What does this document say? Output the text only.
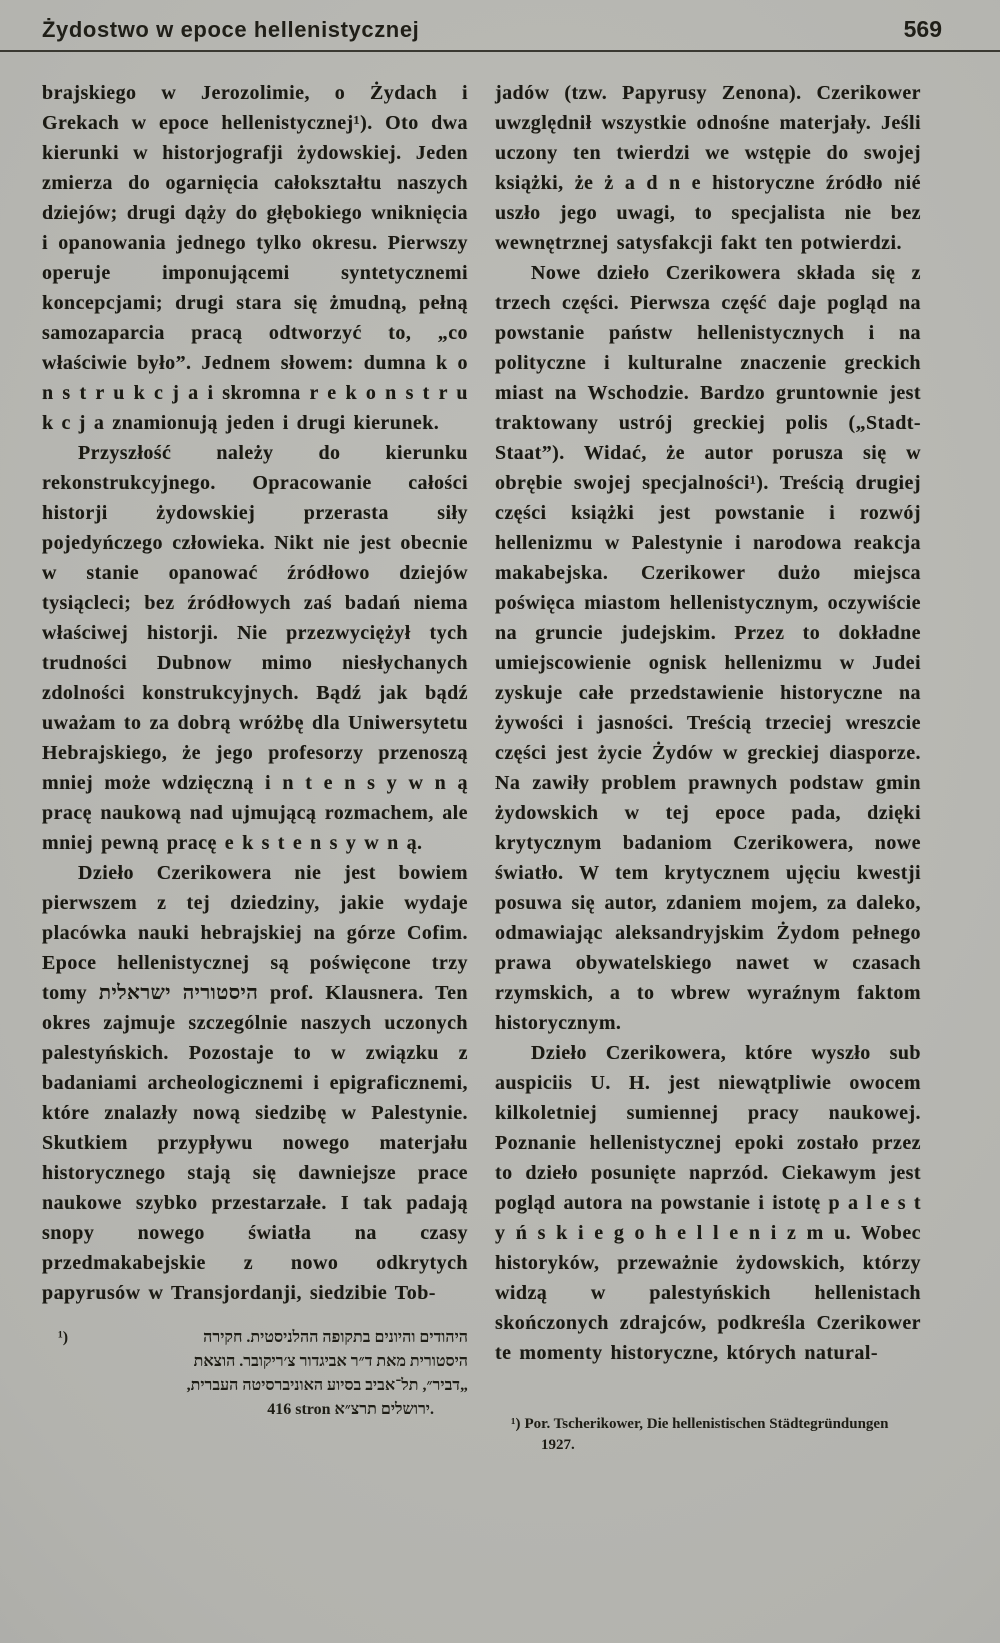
Żydostwo w epoce hellenistycznej	569

brajskiego w Jerozolimie, o Żydach i Grekach w epoce hellenistycznej¹). Oto dwa kierunki w historjografji żydowskiej. Jeden zmierza do ogarnięcia całokształtu naszych dziejów; drugi dąży do głębokiego wniknięcia i opanowania jednego tylko okresu. Pierwszy operuje imponującemi syntetycznemi koncepcjami; drugi stara się żmudną, pełną samozaparcia pracą odtworzyć to, „co właściwie było”. Jednem słowem: dumna k o n s t r u k c j a i skromna r e k o n s t r u k c j a znamionują jeden i drugi kierunek.

Przyszłość należy do kierunku rekonstrukcyjnego. Opracowanie całości historji żydowskiej przerasta siły pojedyńczego człowieka. Nikt nie jest obecnie w stanie opanować źródłowo dziejów tysiącleci; bez źródłowych zaś badań niema właściwej historji. Nie przezwyciężył tych trudności Dubnow mimo niesłychanych zdolności konstrukcyjnych. Bądź jak bądź uważam to za dobrą wróżbę dla Uniwersytetu Hebrajskiego, że jego profesorzy przenoszą mniej może wdzięczną i n t e n s y w n ą pracę naukową nad ujmującą rozmachem, ale mniej pewną pracę e k s t e n s y w n ą.

Dzieło Czerikowera nie jest bowiem pierwszem z tej dziedziny, jakie wydaje placówka nauki hebrajskiej na górze Cofim. Epoce hellenistycznej są poświęcone trzy tomy היסטוריה ישראלית prof. Klausnera. Ten okres zajmuje szczególnie naszych uczonych palestyńskich. Pozostaje to w związku z badaniami archeologicznemi i epigraficznemi, które znalazły nową siedzibę w Palestynie. Skutkiem przypływu nowego materjału historycznego stają się dawniejsze prace naukowe szybko przestarzałe. I tak padają snopy nowego światła na czasy przedmakabejskie z nowo odkrytych papyrusów w Transjordanji, siedzibie Tob-

¹)	היהודים והיונים בתקופה ההלניסטית. חקירה
היסטורית מאת ד״ר אביגדור צ׳ריקובר. הוצאת
„דביר״, תל־אביב בסיוע האוניברסיטה העברית,
416 stron ירושלים תרצ״א.

jadów (tzw. Papyrusy Zenona). Czerikower uwzględnił wszystkie odnośne materjały. Jeśli uczony ten twierdzi we wstępie do swojej książki, że ż a d n e historyczne źródło nié uszło jego uwagi, to specjalista nie bez wewnętrznej satysfakcji fakt ten potwierdzi.

Nowe dzieło Czerikowera składa się z trzech części. Pierwsza część daje pogląd na powstanie państw hellenistycznych i na polityczne i kulturalne znaczenie greckich miast na Wschodzie. Bardzo gruntownie jest traktowany ustrój greckiej polis („Stadt-Staat”). Widać, że autor porusza się w obrębie swojej specjalności¹). Treścią drugiej części książki jest powstanie i rozwój hellenizmu w Palestynie i narodowa reakcja makabejska. Czerikower dużo miejsca poświęca miastom hellenistycznym, oczywiście na gruncie judejskim. Przez to dokładne umiejscowienie ognisk hellenizmu w Judei zyskuje całe przedstawienie historyczne na żywości i jasności. Treścią trzeciej wreszcie części jest życie Żydów w greckiej diasporze. Na zawiły problem prawnych podstaw gmin żydowskich w tej epoce pada, dzięki krytycznym badaniom Czerikowera, nowe światło. W tem krytycznem ujęciu kwestji posuwa się autor, zdaniem mojem, za daleko, odmawiając aleksandryjskim Żydom pełnego prawa obywatelskiego nawet w czasach rzymskich, a to wbrew wyraźnym faktom historycznym.

Dzieło Czerikowera, które wyszło sub auspiciis U. H. jest niewątpliwie owocem kilkoletniej sumiennej pracy naukowej. Poznanie hellenistycznej epoki zostało przez to dzieło posunięte naprzód. Ciekawym jest pogląd autora na powstanie i istotę p a l e s t y ń s k i e g o h e l l e n i z m u. Wobec historyków, przeważnie żydowskich, którzy widzą w palestyńskich hellenistach skończonych zdrajców, podkreśla Czerikower te momenty historyczne, których natural-

¹) Por. Tscherikower, Die hellenistischen Städtegründungen 1927.
